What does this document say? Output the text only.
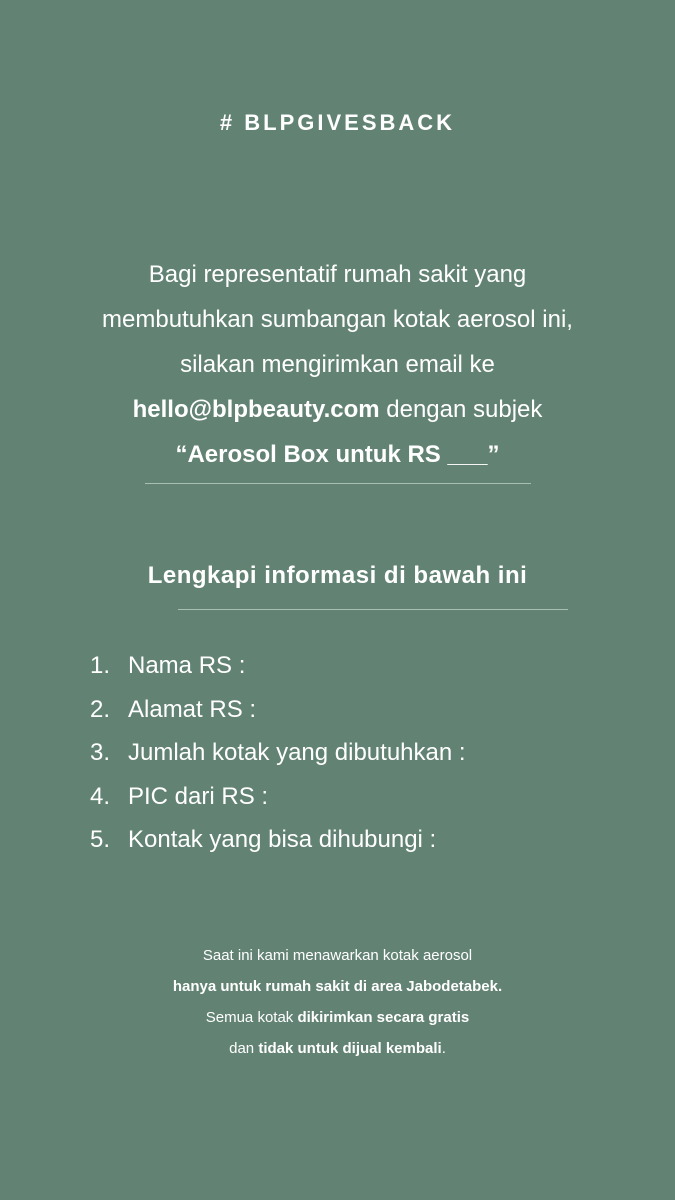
# BLPGIVESBACK
Bagi representatif rumah sakit yang
membutuhkan sumbangan kotak aerosol ini,
silakan mengirimkan email ke
hello@blpbeauty.com dengan subjek
“Aerosol Box untuk RS ___”
Lengkapi informasi di bawah ini
1. Nama RS :
2. Alamat RS :
3. Jumlah kotak yang dibutuhkan :
4. PIC dari RS :
5. Kontak yang bisa dihubungi :
Saat ini kami menawarkan kotak aerosol
hanya untuk rumah sakit di area Jabodetabek.
Semua kotak dikirimkan secara gratis
dan tidak untuk dijual kembali.
